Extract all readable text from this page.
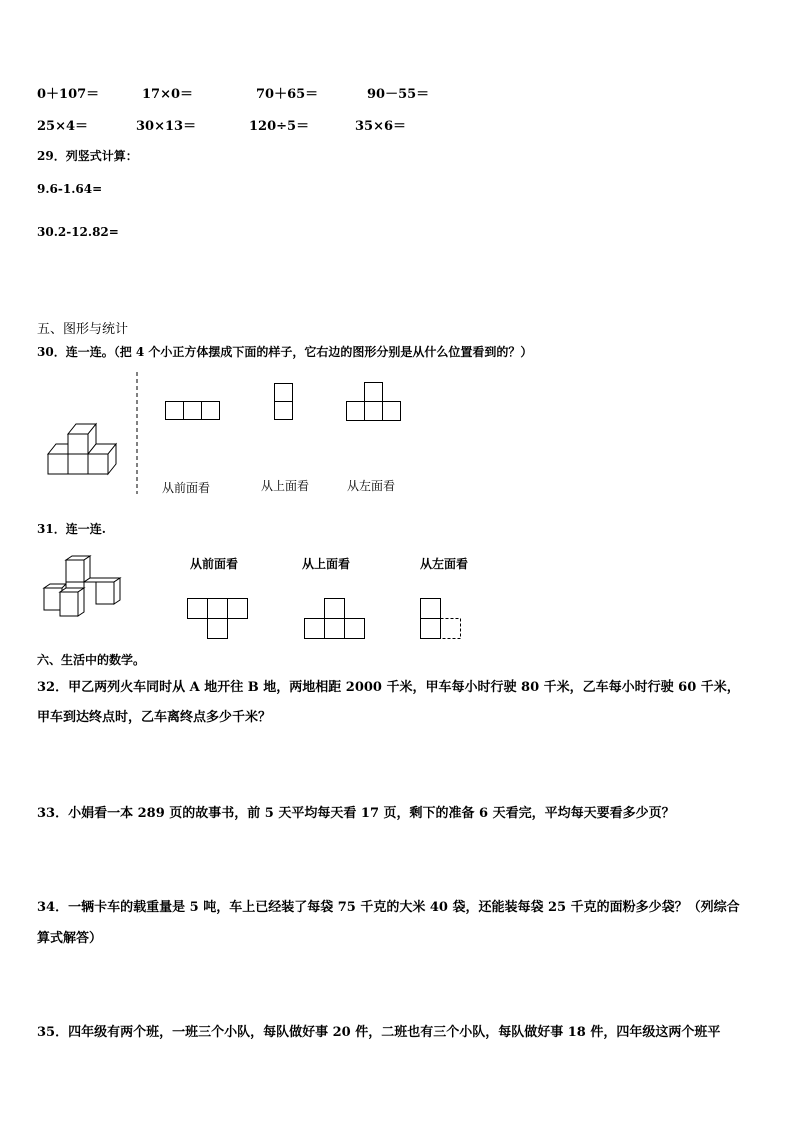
0＋107＝	17×0＝	70＋65＝	90－55＝
25×4＝	30×13＝	120÷5＝	35×6＝
29．列竖式计算：
9.6-1.64=
30.2-12.82=
五、图形与统计
30．连一连。（把 4 个小正方体摆成下面的样子，它右边的图形分别是从什么位置看到的？）
从前面看	从上面看	从左面看
31．连一连.
从前面看	从上面看	从左面看
六、生活中的数学。
32．甲乙两列火车同时从 A 地开往 B 地，两地相距 2000 千米，甲车每小时行驶 80 千米，乙车每小时行驶 60 千米，
甲车到达终点时，乙车离终点多少千米？
33．小娟看一本 289 页的故事书，前 5 天平均每天看 17 页，剩下的准备 6 天看完，平均每天要看多少页？
34．一辆卡车的载重量是 5 吨，车上已经装了每袋 75 千克的大米 40 袋，还能装每袋 25 千克的面粉多少袋？（列综合
算式解答）
35．四年级有两个班，一班三个小队，每队做好事 20 件，二班也有三个小队，每队做好事 18 件，四年级这两个班平
